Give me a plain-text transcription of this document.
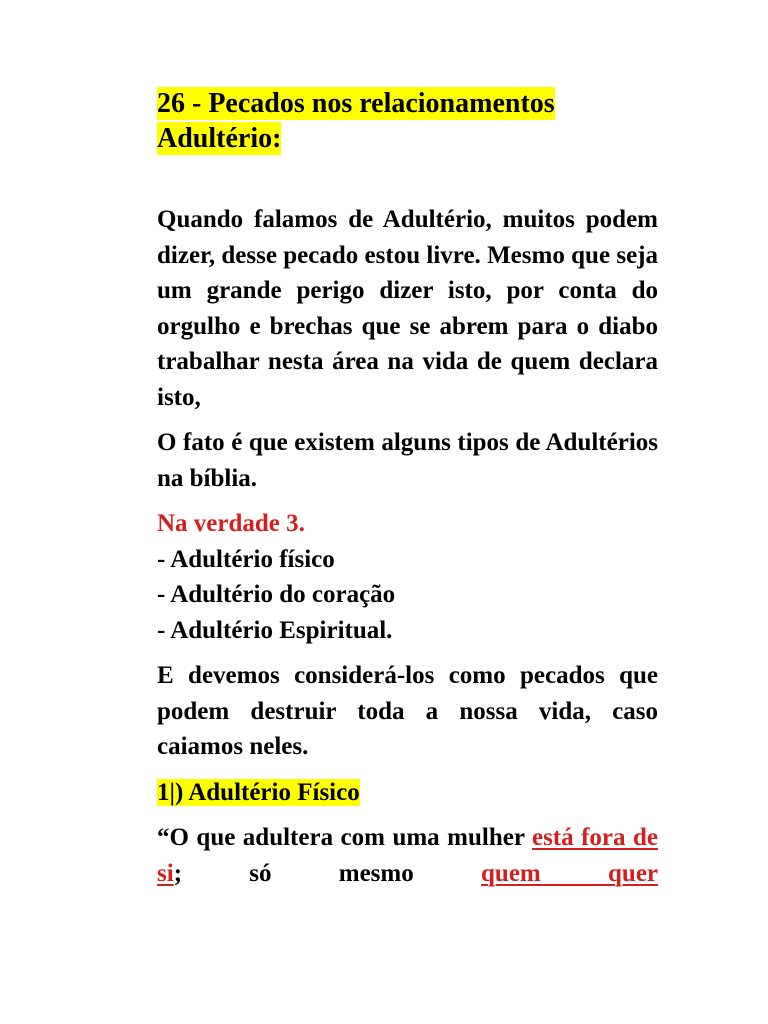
26 - Pecados nos relacionamentos
Adultério:

Quando falamos de Adultério, muitos podem dizer, desse pecado estou livre. Mesmo que seja um grande perigo dizer isto, por conta do orgulho e brechas que se abrem para o diabo trabalhar nesta área na vida de quem declara isto,

O fato é que existem alguns tipos de Adultérios na bíblia.

Na verdade 3.
- Adultério físico
- Adultério do coração
- Adultério Espiritual.

E devemos considerá-los como pecados que podem destruir toda a nossa vida, caso caiamos neles.

1|) Adultério Físico

“O que adultera com uma mulher está fora de si; só mesmo quem quer
